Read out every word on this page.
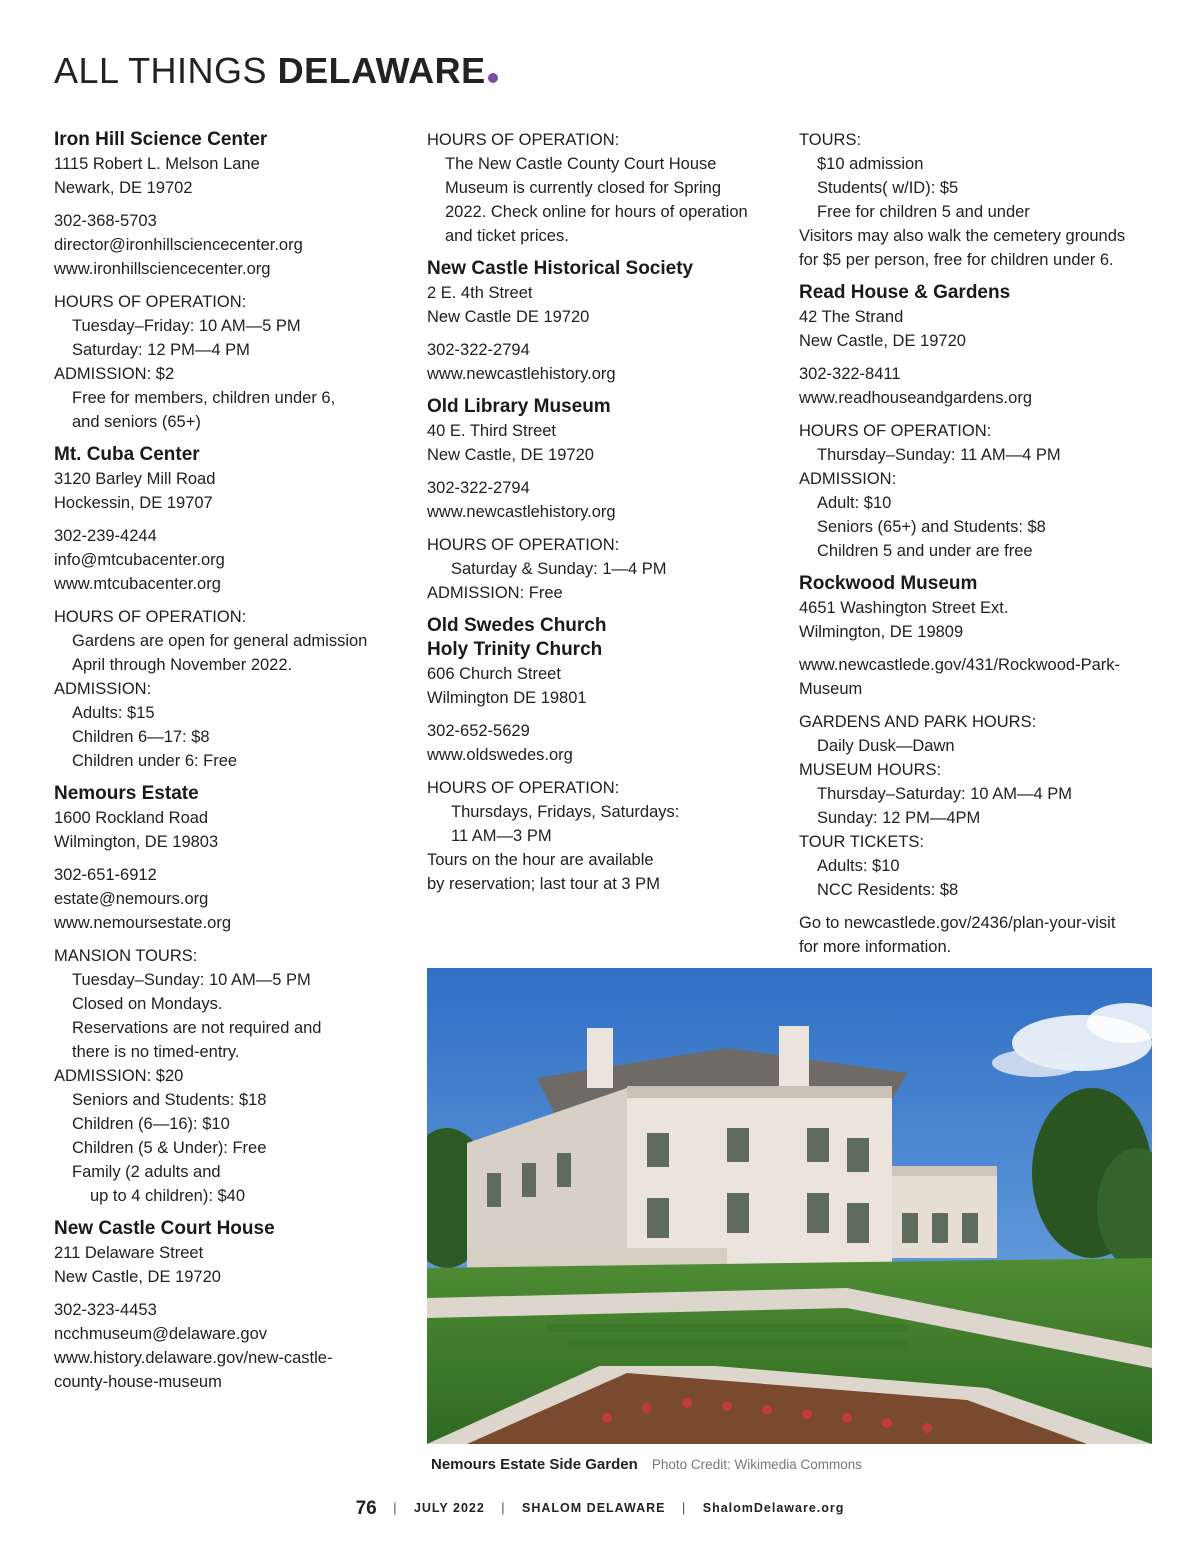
ALL THINGS DELAWARE
Iron Hill Science Center
1115 Robert L. Melson Lane
Newark, DE 19702
302-368-5703
director@ironhillsciencecenter.org
www.ironhillsciencecenter.org
HOURS OF OPERATION:
Tuesday–Friday: 10 AM—5 PM
Saturday: 12 PM—4 PM
ADMISSION: $2
Free for members, children under 6,
and seniors (65+)
Mt. Cuba Center
3120 Barley Mill Road
Hockessin, DE 19707
302-239-4244
info@mtcubacenter.org
www.mtcubacenter.org
HOURS OF OPERATION:
Gardens are open for general admission
April through November 2022.
ADMISSION:
Adults: $15
Children 6—17: $8
Children under 6: Free
Nemours Estate
1600 Rockland Road
Wilmington, DE 19803
302-651-6912
estate@nemours.org
www.nemoursestate.org
MANSION TOURS:
Tuesday–Sunday: 10 AM—5 PM
Closed on Mondays.
Reservations are not required and
there is no timed-entry.
ADMISSION: $20
Seniors and Students: $18
Children (6—16): $10
Children (5 & Under): Free
Family (2 adults and
up to 4 children): $40
New Castle Court House
211 Delaware Street
New Castle, DE 19720
302-323-4453
ncchmuseum@delaware.gov
www.history.delaware.gov/new-castle-
county-house-museum
HOURS OF OPERATION:
The New Castle County Court House
Museum is currently closed for Spring
2022. Check online for hours of operation
and ticket prices.
New Castle Historical Society
2 E. 4th Street
New Castle DE 19720
302-322-2794
www.newcastlehistory.org
Old Library Museum
40 E. Third Street
New Castle, DE 19720
302-322-2794
www.newcastlehistory.org
HOURS OF OPERATION:
Saturday & Sunday: 1—4 PM
ADMISSION: Free
Old Swedes Church
Holy Trinity Church
606 Church Street
Wilmington DE 19801
302-652-5629
www.oldswedes.org
HOURS OF OPERATION:
Thursdays, Fridays, Saturdays:
11 AM—3 PM
Tours on the hour are available
by reservation; last tour at 3 PM
TOURS:
$10 admission
Students( w/ID): $5
Free for children 5 and under
Visitors may also walk the cemetery grounds
for $5 per person, free for children under 6.
Read House & Gardens
42 The Strand
New Castle, DE 19720
302-322-8411
www.readhouseandgardens.org
HOURS OF OPERATION:
Thursday–Sunday: 11 AM—4 PM
ADMISSION:
Adult: $10
Seniors (65+) and Students: $8
Children 5 and under are free
Rockwood Museum
4651 Washington Street Ext.
Wilmington, DE 19809
www.newcastlede.gov/431/Rockwood-Park-
Museum
GARDENS AND PARK HOURS:
Daily Dusk—Dawn
MUSEUM HOURS:
Thursday–Saturday: 10 AM—4 PM
Sunday: 12 PM—4PM
TOUR TICKETS:
Adults: $10
NCC Residents: $8
Go to newcastlede.gov/2436/plan-your-visit
for more information.
Nemours Estate Side Garden Photo Credit: Wikimedia Commons
76 | JULY 2022 | SHALOM DELAWARE | ShalomDelaware.org
